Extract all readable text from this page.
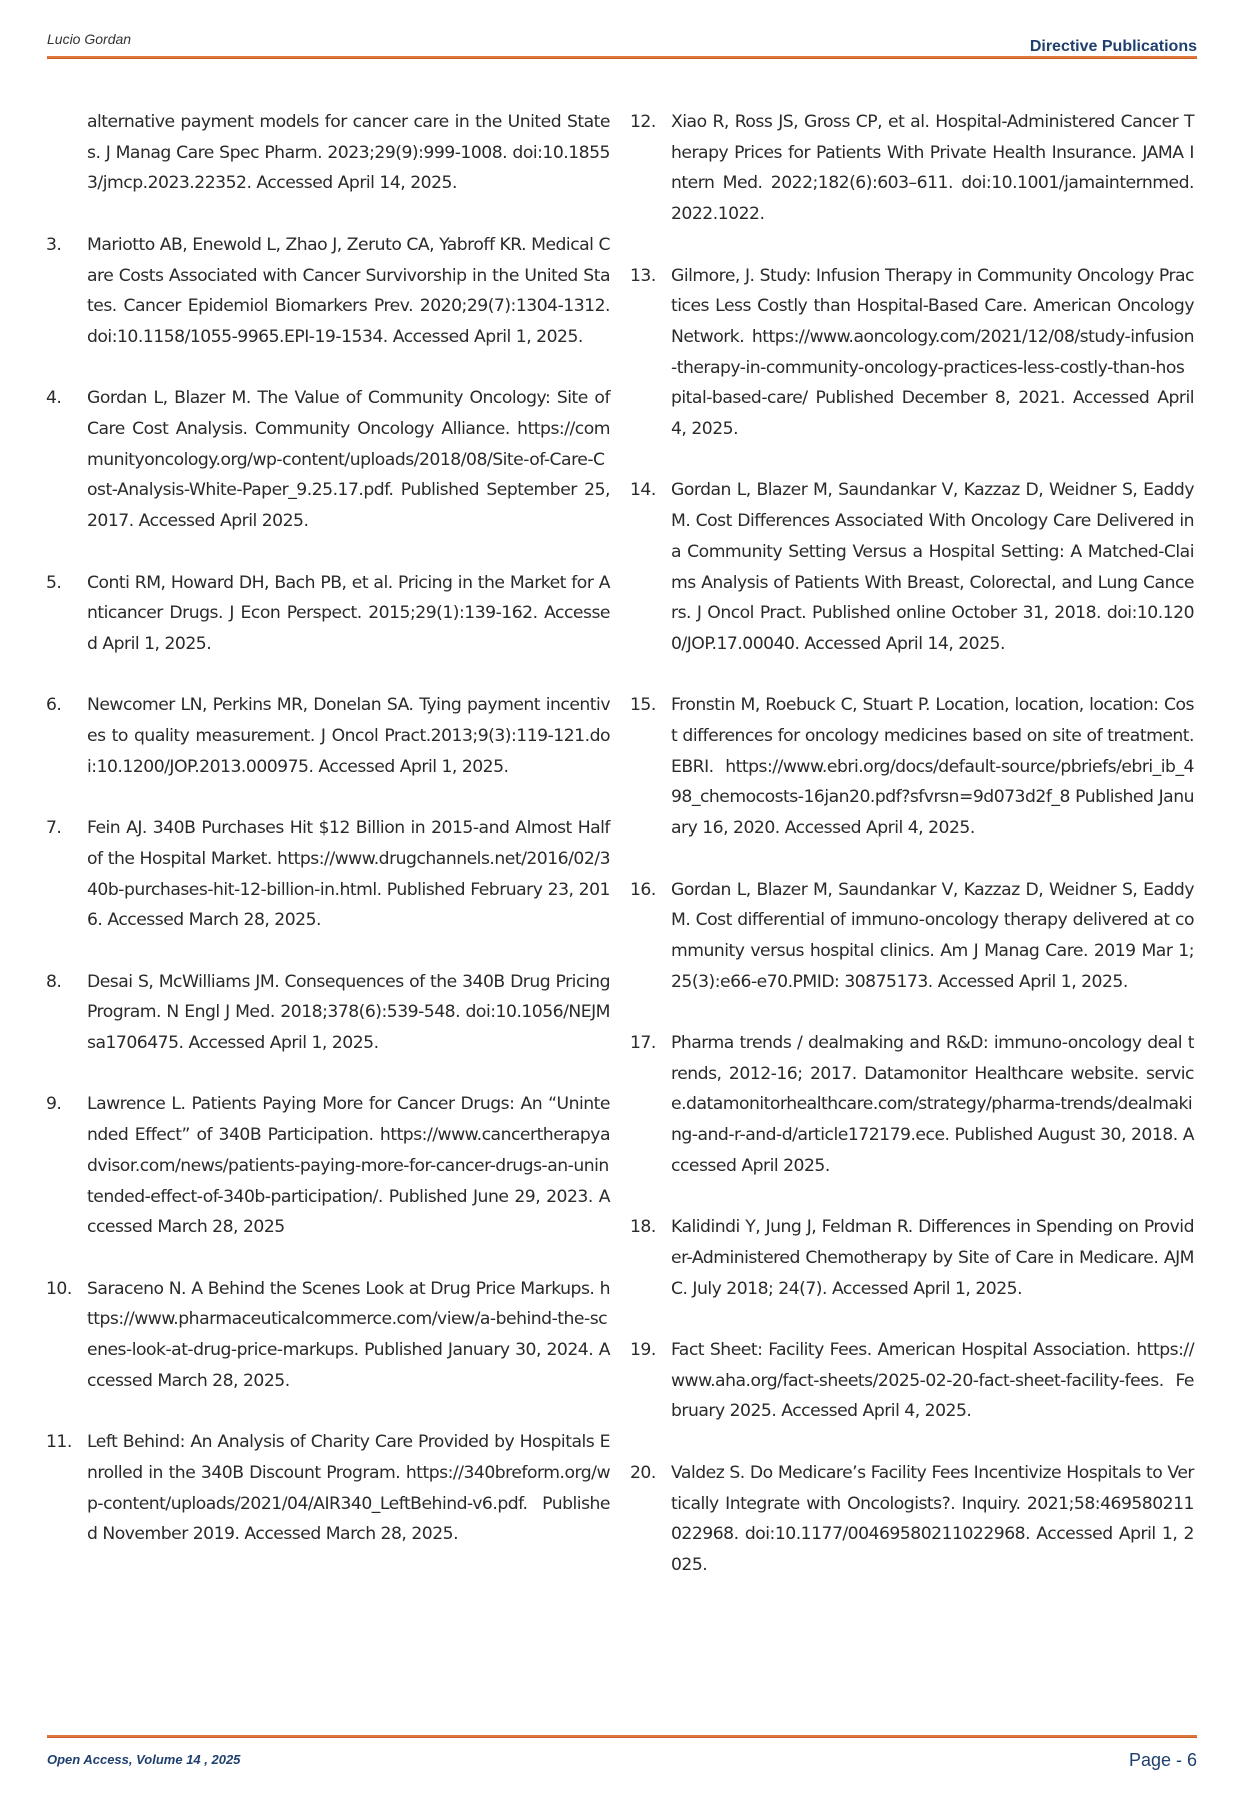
Lucio Gordan	Directive Publications
alternative payment models for cancer care in the United States. J Manag Care Spec Pharm. 2023;29(9):999-1008. doi:10.18553/jmcp.2023.22352. Accessed April 14, 2025.
3.	Mariotto AB, Enewold L, Zhao J, Zeruto CA, Yabroff KR. Medical Care Costs Associated with Cancer Survivorship in the United States. Cancer Epidemiol Biomarkers Prev. 2020;29(7):1304-1312.doi:10.1158/1055-9965.EPI-19-1534. Accessed April 1, 2025.
4.	Gordan L, Blazer M. The Value of Community Oncology: Site of Care Cost Analysis. Community Oncology Alliance. https://communityoncology.org/wp-content/uploads/2018/08/Site-of-Care-Cost-Analysis-White-Paper_9.25.17.pdf. Published September 25, 2017. Accessed April 2025.
5.	Conti RM, Howard DH, Bach PB, et al. Pricing in the Market for Anticancer Drugs. J Econ Perspect. 2015;29(1):139-162. Accessed April 1, 2025.
6.	Newcomer LN, Perkins MR, Donelan SA. Tying payment incentives to quality measurement. J Oncol Pract.2013;9(3):119-121.doi:10.1200/JOP.2013.000975. Accessed April 1, 2025.
7.	Fein AJ. 340B Purchases Hit $12 Billion in 2015-and Almost Half of the Hospital Market. https://www.drugchannels.net/2016/02/340b-purchases-hit-12-billion-in.html. Published February 23, 2016. Accessed March 28, 2025.
8.	Desai S, McWilliams JM. Consequences of the 340B Drug Pricing Program. N Engl J Med. 2018;378(6):539-548. doi:10.1056/NEJMsa1706475. Accessed April 1, 2025.
9.	Lawrence L. Patients Paying More for Cancer Drugs: An “Unintended Effect” of 340B Participation. https://www.cancertherapyadvisor.com/news/patients-paying-more-for-cancer-drugs-an-unintended-effect-of-340b-participation/. Published June 29, 2023. Accessed March 28, 2025
10. Saraceno N. A Behind the Scenes Look at Drug Price Markups. https://www.pharmaceuticalcommerce.com/view/a-behind-the-scenes-look-at-drug-price-markups. Published January 30, 2024. Accessed March 28, 2025.
11. Left Behind: An Analysis of Charity Care Provided by Hospitals Enrolled in the 340B Discount Program. https://340breform.org/wp-content/uploads/2021/04/AIR340_LeftBehind-v6.pdf. Published November 2019. Accessed March 28, 2025.
12. Xiao R, Ross JS, Gross CP, et al. Hospital-Administered Cancer Therapy Prices for Patients With Private Health Insurance. JAMA Intern Med. 2022;182(6):603–611. doi:10.1001/jamainternmed.2022.1022.
13. Gilmore, J. Study: Infusion Therapy in Community Oncology Practices Less Costly than Hospital-Based Care. American Oncology Network. https://www.aoncology.com/2021/12/08/study-infusion-therapy-in-community-oncology-practices-less-costly-than-hospital-based-care/ Published December 8, 2021. Accessed April 4, 2025.
14. Gordan L, Blazer M, Saundankar V, Kazzaz D, Weidner S, Eaddy M. Cost Differences Associated With Oncology Care Delivered in a Community Setting Versus a Hospital Setting: A Matched-Claims Analysis of Patients With Breast, Colorectal, and Lung Cancers. J Oncol Pract. Published online October 31, 2018. doi:10.1200/JOP.17.00040. Accessed April 14, 2025.
15. Fronstin M, Roebuck C, Stuart P. Location, location, location: Cost differences for oncology medicines based on site of treatment. EBRI. https://www.ebri.org/docs/default-source/pbriefs/ebri_ib_498_chemocosts-16jan20.pdf?sfvrsn=9d073d2f_8 Published January 16, 2020. Accessed April 4, 2025.
16. Gordan L, Blazer M, Saundankar V, Kazzaz D, Weidner S, Eaddy M. Cost differential of immuno-oncology therapy delivered at community versus hospital clinics. Am J Manag Care. 2019 Mar 1;25(3):e66-e70.PMID: 30875173. Accessed April 1, 2025.
17. Pharma trends / dealmaking and R&D: immuno-oncology deal trends, 2012-16; 2017. Datamonitor Healthcare website. service.datamonitorhealthcare.com/strategy/pharma-trends/dealmaking-and-r-and-d/article172179.ece. Published August 30, 2018. Accessed April 2025.
18. Kalidindi Y, Jung J, Feldman R. Differences in Spending on Provider-Administered Chemotherapy by Site of Care in Medicare. AJMC. July 2018; 24(7). Accessed April 1, 2025.
19. Fact Sheet: Facility Fees. American Hospital Association. https://www.aha.org/fact-sheets/2025-02-20-fact-sheet-facility-fees. February 2025. Accessed April 4, 2025.
20. Valdez S. Do Medicare’s Facility Fees Incentivize Hospitals to Vertically Integrate with Oncologists?. Inquiry. 2021;58:469580211022968. doi:10.1177/00469580211022968. Accessed April 1, 2025.
Open Access, Volume 14 , 2025	Page - 6
